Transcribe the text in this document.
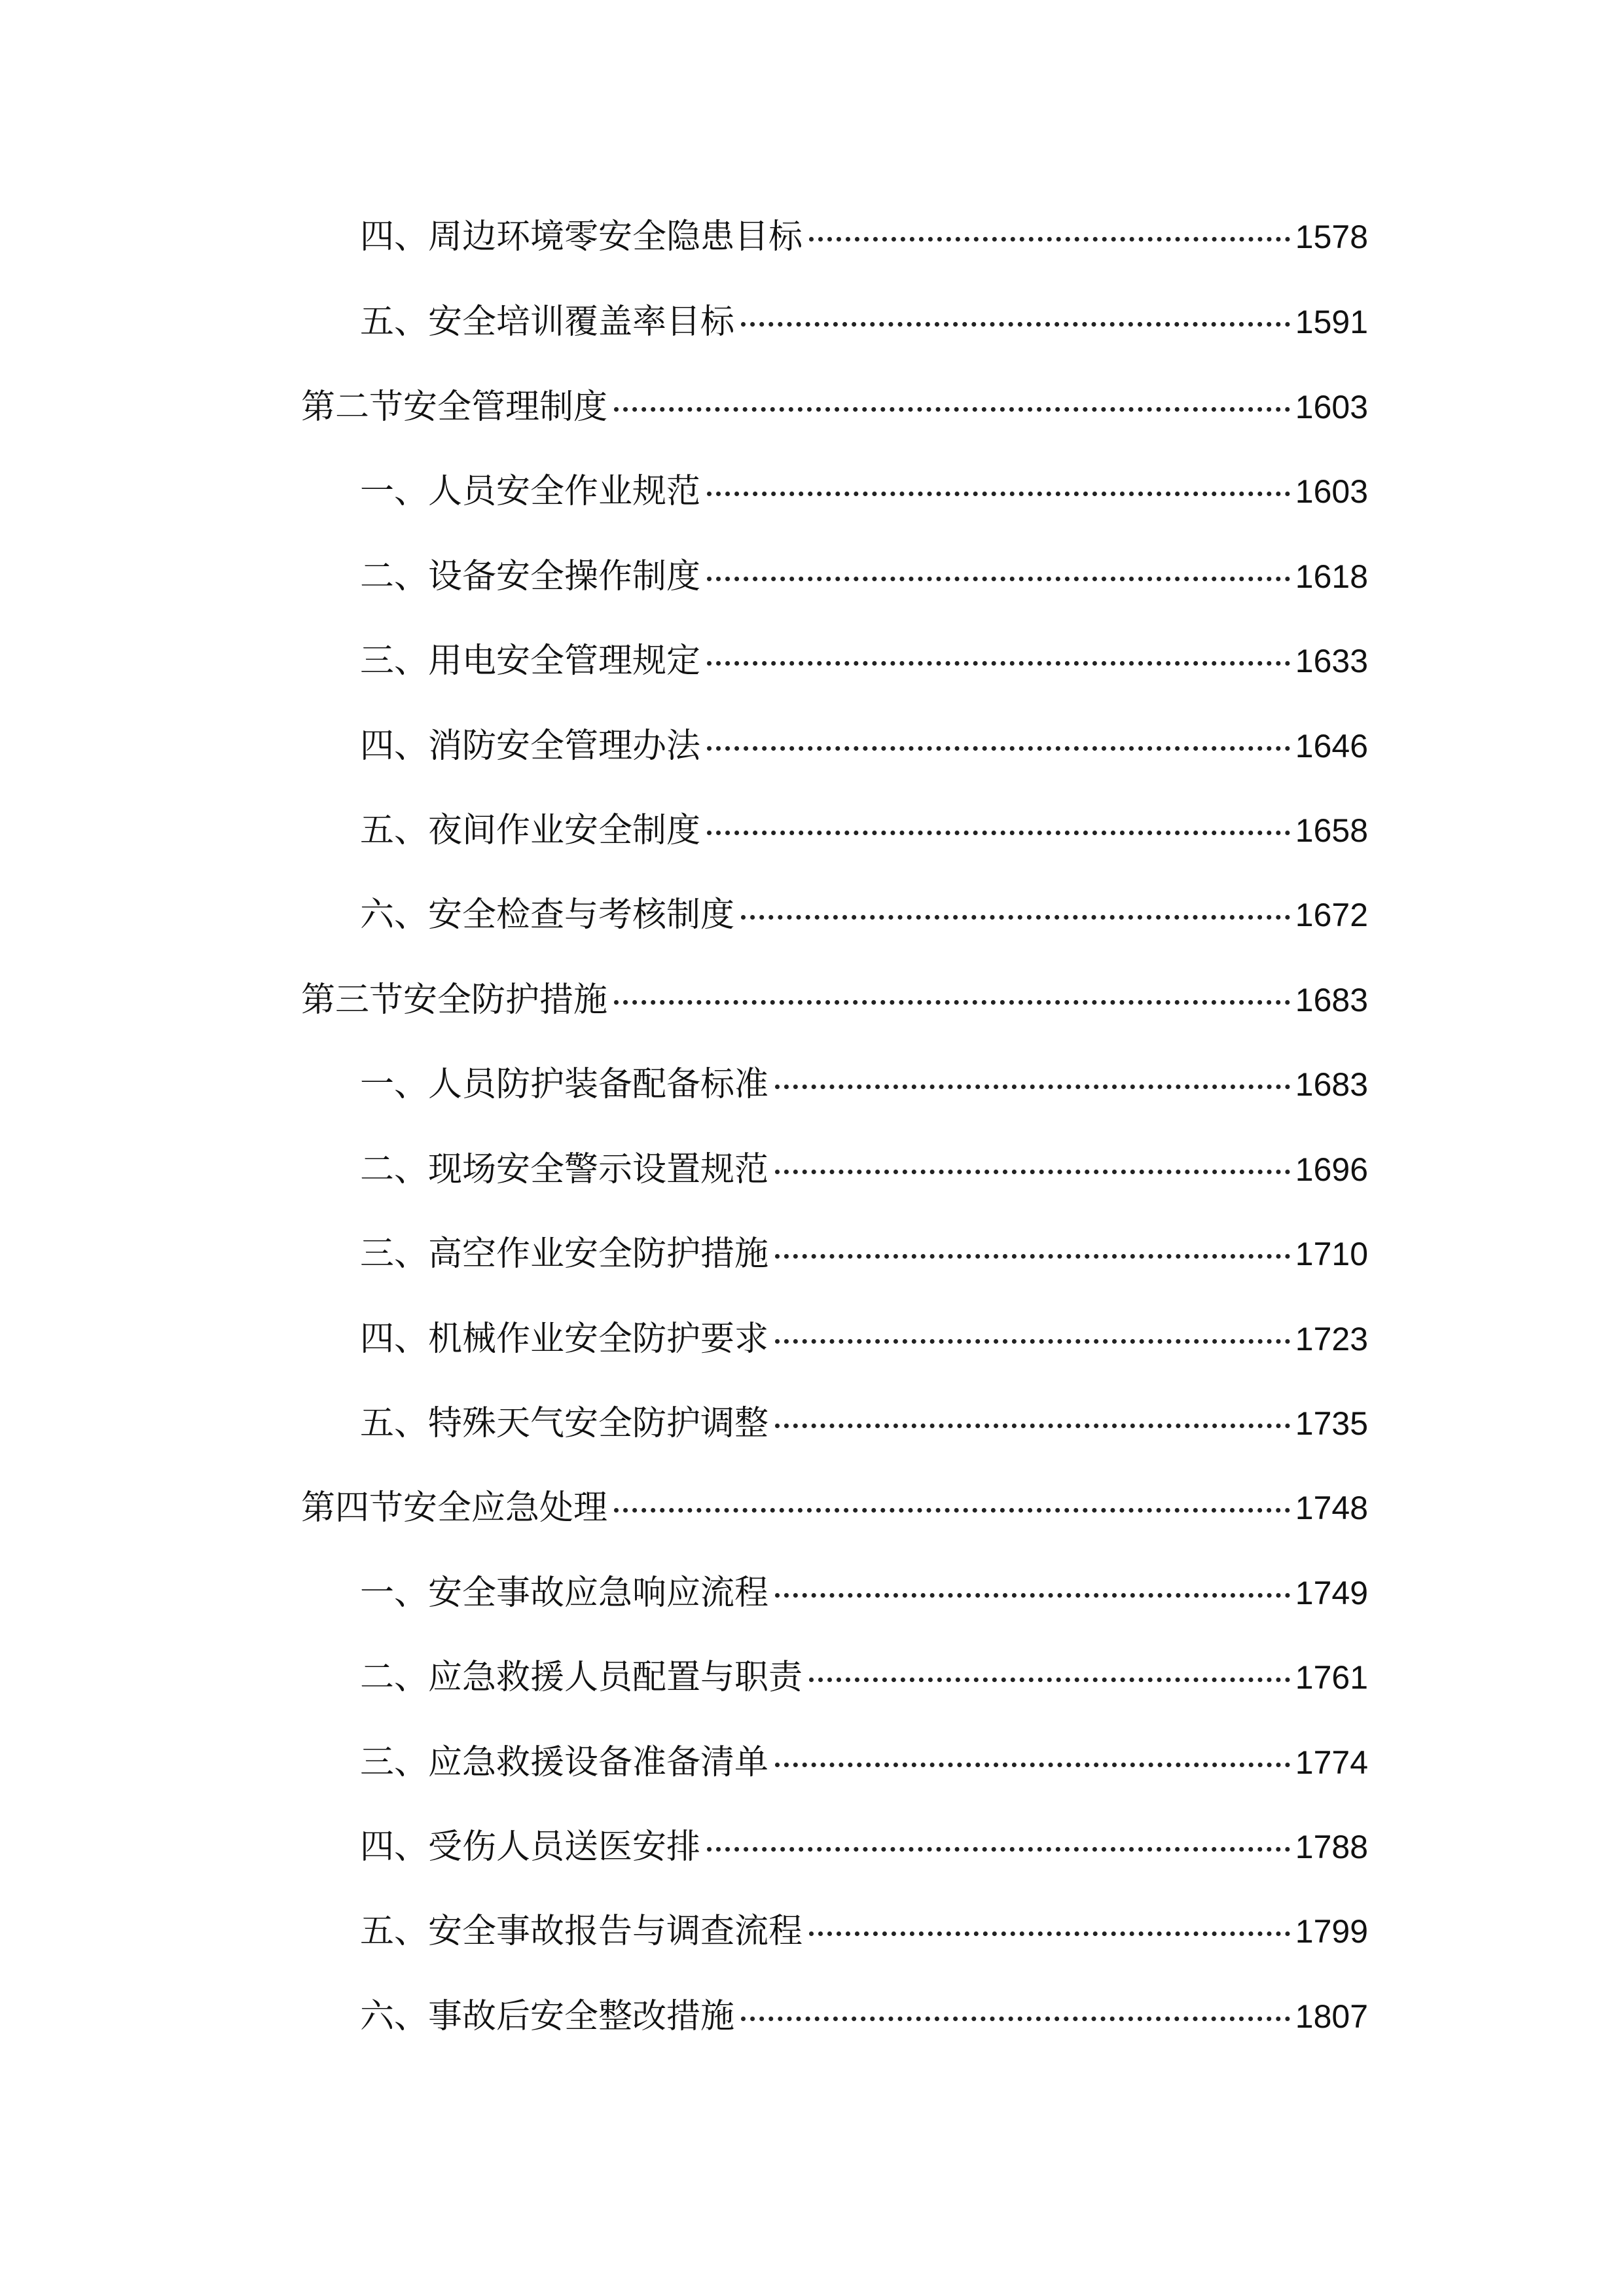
四、周边环境零安全隐患目标	1578
五、安全培训覆盖率目标	1591
第二节安全管理制度	1603
一、人员安全作业规范	1603
二、设备安全操作制度	1618
三、用电安全管理规定	1633
四、消防安全管理办法	1646
五、夜间作业安全制度	1658
六、安全检查与考核制度	1672
第三节安全防护措施	1683
一、人员防护装备配备标准	1683
二、现场安全警示设置规范	1696
三、高空作业安全防护措施	1710
四、机械作业安全防护要求	1723
五、特殊天气安全防护调整	1735
第四节安全应急处理	1748
一、安全事故应急响应流程	1749
二、应急救援人员配置与职责	1761
三、应急救援设备准备清单	1774
四、受伤人员送医安排	1788
五、安全事故报告与调查流程	1799
六、事故后安全整改措施	1807
